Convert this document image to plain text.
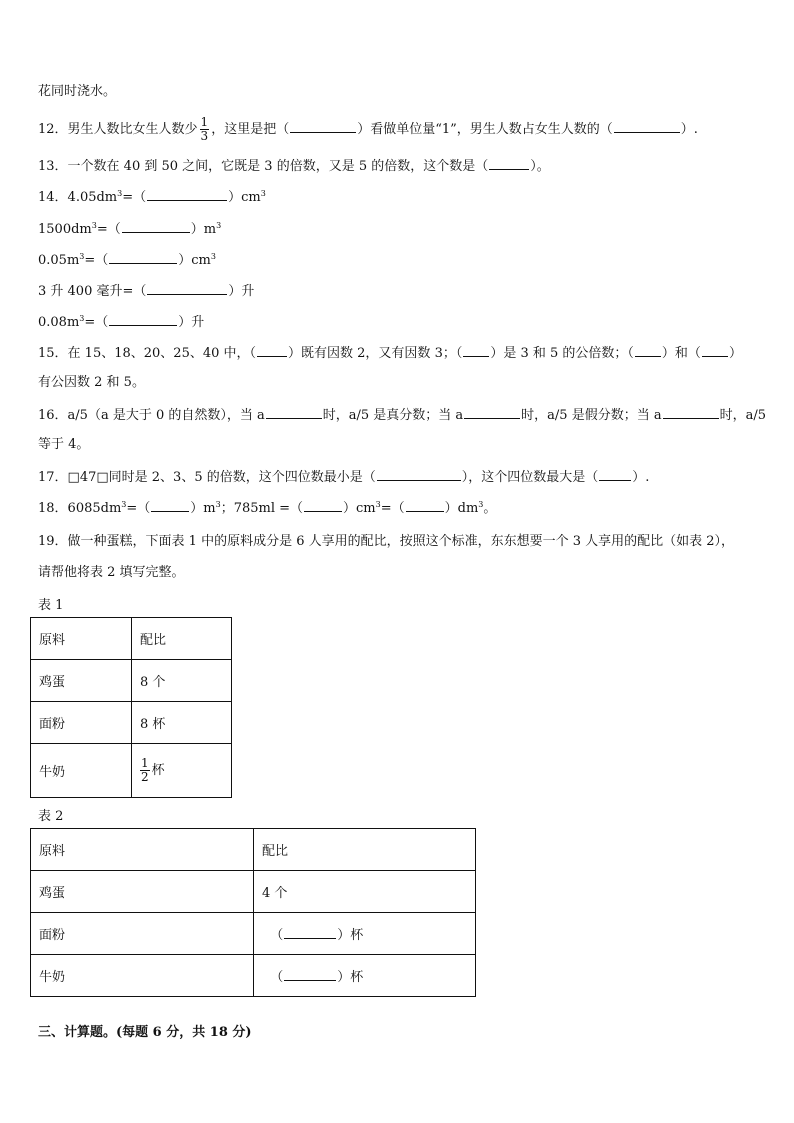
花同时浇水。
12．男生人数比女生人数少 $\frac{1}{3}$ ，这里是把（	）看做单位量“1”，男生人数占女生人数的（	）.
13．一个数在 40 到 50 之间，它既是 3 的倍数，又是 5 的倍数，这个数是（	）。
14．$4.05dm^3=$（	）$cm^3$
$1500dm^3=$（	）$m^3$
$0.05m^3=$（	）$cm^3$
3 升 400 毫升=（	）升
$0.08m^3=$（	）升
15．在 15、18、20、25、40 中，（ ）既有因数 2，又有因数 3；（ ）是 3 和 5 的公倍数；（ ）和（ ）
有公因数 2 和 5。
16．a/5（a 是大于 0 的自然数），当 a	时，a/5 是真分数；当 a	时，a/5 是假分数；当 a	时，a/5
等于 4。
17．□47□同时是 2、3、5 的倍数，这个四位数最小是（	），这个四位数最大是（	）.
18．$6085dm^3=$（	）$m^3$；785ml =（	）$cm^3=$（	）$dm^3$。
19．做一种蛋糕，下面表 1 中的原料成分是 6 人享用的配比，按照这个标准，东东想要一个 3 人享用的配比（如表 2），
请帮他将表 2 填写完整。
表 1
原料	配比
鸡蛋	8 个
面粉	8 杯
牛奶	$\frac{1}{2}$ 杯
表 2
原料	配比
鸡蛋	4 个
面粉	（ ）杯
牛奶	（ ）杯
三、计算题。(每题 6 分，共 18 分)
